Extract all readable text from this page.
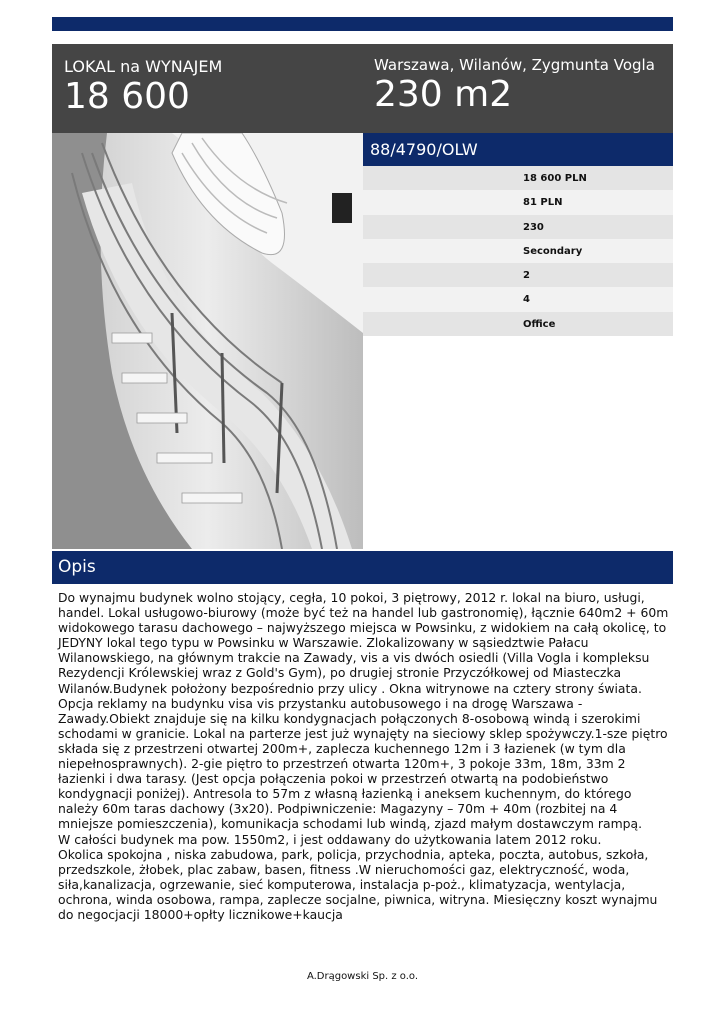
LOKAL na WYNAJEM
18 600
Warszawa, Wilanów, Zygmunta Vogla
230 m2
88/4790/OLW
18 600 PLN
81 PLN
230
Secondary
2
4
Office
Opis

Do wynajmu budynek wolno stojący, cegła, 10 pokoi, 3 piętrowy, 2012 r. lokal na biuro, usługi, handel. Lokal usługowo-biurowy (może być też na handel lub gastronomię), łącznie 640m2 + 60m widokowego tarasu dachowego – najwyższego miejsca w Powsinku, z widokiem na całą okolicę, to JEDYNY lokal tego typu w Powsinku w Warszawie. Zlokalizowany w sąsiedztwie Pałacu Wilanowskiego, na głównym trakcie na Zawady, vis a vis dwóch osiedli (Villa Vogla i kompleksu Rezydencji Królewskiej wraz z Gold's Gym), po drugiej stronie Przyczółkowej od Miasteczka Wilanów.Budynek położony bezpośrednio przy ulicy . Okna witrynowe na cztery strony świata. Opcja reklamy na budynku visa vis przystanku autobusowego i na drogę Warszawa - Zawady.Obiekt znajduje się na kilku kondygnacjach połączonych 8-osobową windą i szerokimi schodami w granicie. Lokal na parterze jest już wynajęty na sieciowy sklep spożywczy.1-sze piętro składa się z przestrzeni otwartej 200m+, zaplecza kuchennego 12m i 3 łazienek (w tym dla niepełnosprawnych). 2-gie piętro to przestrzeń otwarta 120m+, 3 pokoje 33m, 18m, 33m 2 łazienki i dwa tarasy. (Jest opcja połączenia pokoi w przestrzeń otwartą na podobieństwo kondygnacji poniżej). Antresola to 57m z własną łazienką i aneksem kuchennym, do którego należy 60m taras dachowy (3x20). Podpiwniczenie: Magazyny – 70m + 40m (rozbitej na 4 mniejsze pomieszczenia), komunikacja schodami lub windą, zjazd małym dostawczym rampą.

W całości budynek ma pow. 1550m2, i jest oddawany do użytkowania latem 2012 roku.

Okolica spokojna , niska zabudowa, park, policja, przychodnia, apteka, poczta, autobus, szkoła, przedszkole, żłobek, plac zabaw, basen, fitness .W nieruchomości gaz, elektryczność, woda, siła,kanalizacja, ogrzewanie, sieć komputerowa, instalacja p-poż., klimatyzacja, wentylacja, ochrona, winda osobowa, rampa, zaplecze socjalne, piwnica, witryna. Miesięczny koszt wynajmu do negocjacji 18000+opłty licznikowe+kaucja

A.Drągowski Sp. z o.o.
